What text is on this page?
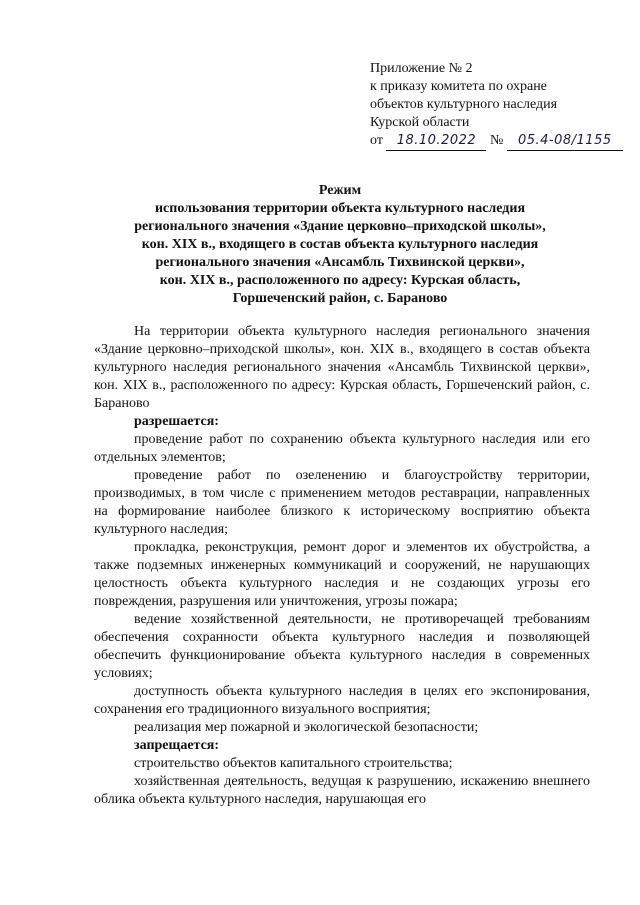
Приложение № 2
к приказу комитета по охране
объектов культурного наследия
Курской области
от 18.10.2022 № 05.4-08/1155
Режим
использования территории объекта культурного наследия
регионального значения «Здание церковно–приходской школы»,
кон. XIX в., входящего в состав объекта культурного наследия
регионального значения «Ансамбль Тихвинской церкви»,
кон. XIX в., расположенного по адресу: Курская область,
Горшеченский район, с. Бараново

На территории объекта культурного наследия регионального значения «Здание церковно–приходской школы», кон. XIX в., входящего в состав объекта культурного наследия регионального значения «Ансамбль Тихвинской церкви», кон. XIX в., расположенного по адресу: Курская область, Горшеченский район, с. Бараново

разрешается:

проведение работ по сохранению объекта культурного наследия или его отдельных элементов;

проведение работ по озеленению и благоустройству территории, производимых, в том числе с применением методов реставрации, направленных на формирование наиболее близкого к историческому восприятию объекта культурного наследия;

прокладка, реконструкция, ремонт дорог и элементов их обустройства, а также подземных инженерных коммуникаций и сооружений, не нарушающих целостность объекта культурного наследия и не создающих угрозы его повреждения, разрушения или уничтожения, угрозы пожара;

ведение хозяйственной деятельности, не противоречащей требованиям обеспечения сохранности объекта культурного наследия и позволяющей обеспечить функционирование объекта культурного наследия в современных условиях;

доступность объекта культурного наследия в целях его экспонирования, сохранения его традиционного визуального восприятия;

реализация мер пожарной и экологической безопасности;

запрещается:

строительство объектов капитального строительства;

хозяйственная деятельность, ведущая к разрушению, искажению внешнего облика объекта культурного наследия, нарушающая его
